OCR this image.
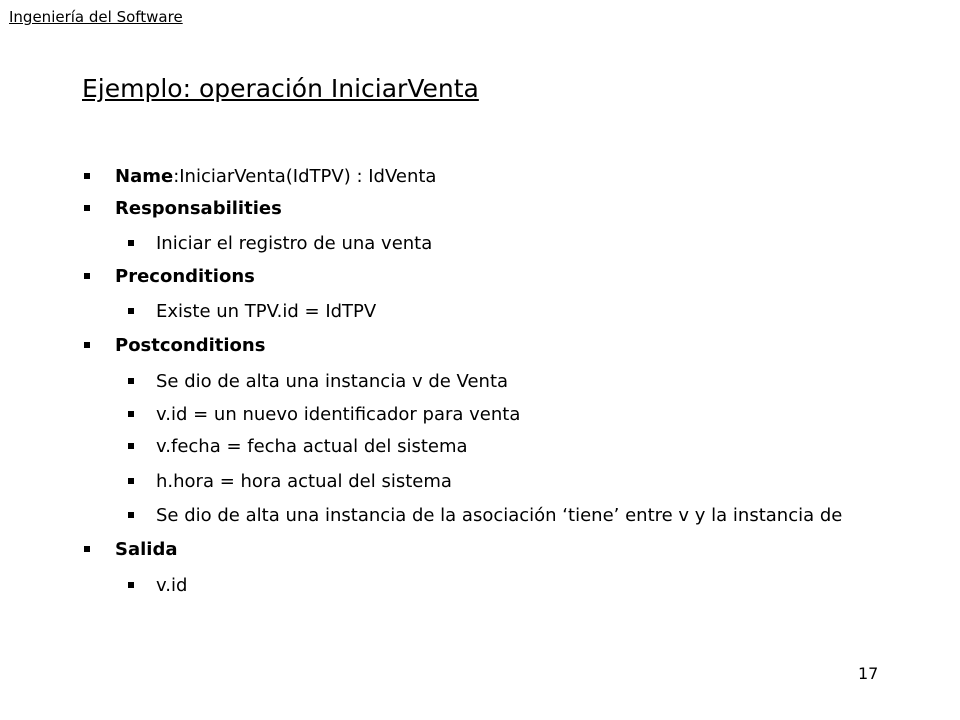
Ingeniería del Software
Ejemplo: operación IniciarVenta
Name :IniciarVenta(IdTPV) : IdVenta
Responsabilities
Iniciar el registro de una venta
Preconditions
Existe un TPV.id = IdTPV
Postconditions
Se dio de alta una instancia v de Venta
v.id = un nuevo identificador para venta
v.fecha = fecha actual del sistema
h.hora = hora actual del sistema
Se dio de alta una instancia de la asociación ‘tiene’ entre v y la instancia de
Salida
v.id
17
